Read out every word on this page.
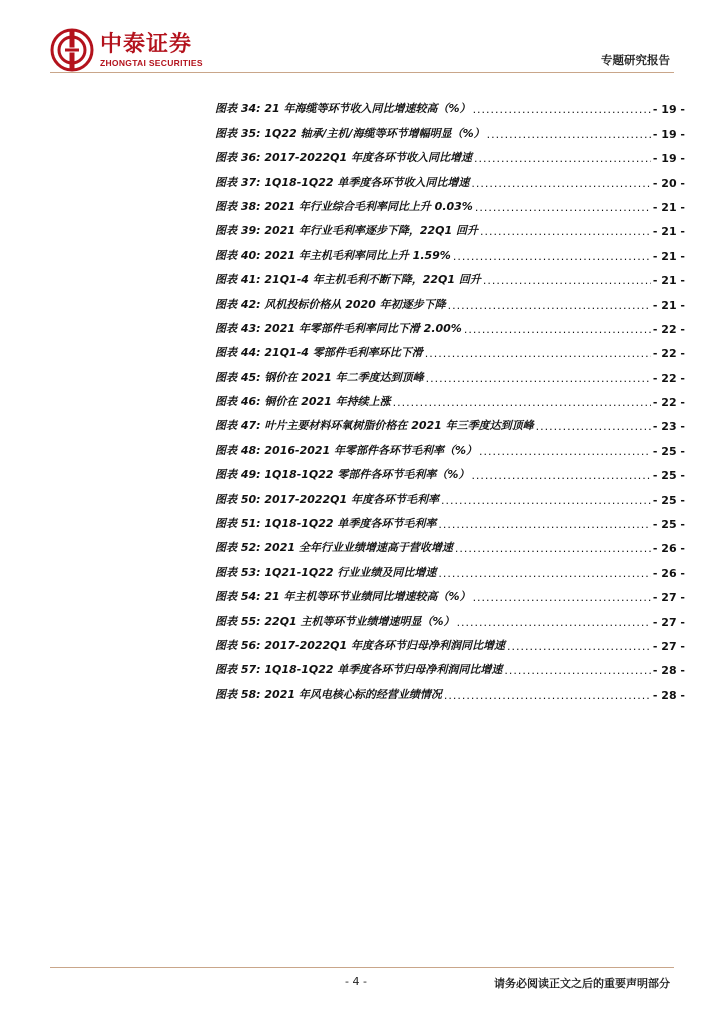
中泰证券
ZHONGTAI SECURITIES	专题研究报告
图表 34:
21 年海缆等环节收入同比增速较高（%） .....	- 19 -
图表 35:
1Q22 轴承/主机/海缆等环节增幅明显（%） .....	- 19 -
图表 36:
2017-2022Q1 年度各环节收入同比增速 .....	- 19 -
图表 37:
1Q18-1Q22 单季度各环节收入同比增速 .....	- 20 -
图表 38:
2021 年行业综合毛利率同比上升 0.03% .....	- 21 -
图表 39:
2021 年行业毛利率逐步下降，22Q1 回升 .....	- 21 -
图表 40:
2021 年主机毛利率同比上升 1.59% .....	- 21 -
图表 41:
21Q1-4 年主机毛利不断下降，22Q1 回升 .....	- 21 -
图表 42:
风机投标价格从 2020 年初逐步下降 .....	- 21 -
图表 43:
2021 年零部件毛利率同比下滑 2.00% .....	- 22 -
图表 44:
21Q1-4 零部件毛利率环比下滑 .....	- 22 -
图表 45:
钢价在 2021 年二季度达到顶峰 .....	- 22 -
图表 46:
铜价在 2021 年持续上涨 .....	- 22 -
图表 47:
叶片主要材料环氧树脂价格在 2021 年三季度达到顶峰 .....	- 23 -
图表 48:
2016-2021 年零部件各环节毛利率（%） .....	- 25 -
图表 49:
1Q18-1Q22 零部件各环节毛利率（%） .....	- 25 -
图表 50:
2017-2022Q1 年度各环节毛利率 .....	- 25 -
图表 51:
1Q18-1Q22 单季度各环节毛利率 .....	- 25 -
图表 52:
2021 全年行业业绩增速高于营收增速 .....	- 26 -
图表 53:
1Q21-1Q22 行业业绩及同比增速 .....	- 26 -
图表 54:
21 年主机等环节业绩同比增速较高（%） .....	- 27 -
图表 55:
22Q1 主机等环节业绩增速明显（%） .....	- 27 -
图表 56:
2017-2022Q1 年度各环节归母净利润同比增速 .....	- 27 -
图表 57:
1Q18-1Q22 单季度各环节归母净利润同比增速 .....	- 28 -
图表 58:
2021 年风电核心标的经营业绩情况 .....	- 28 -
- 4 -	请务必阅读正文之后的重要声明部分
